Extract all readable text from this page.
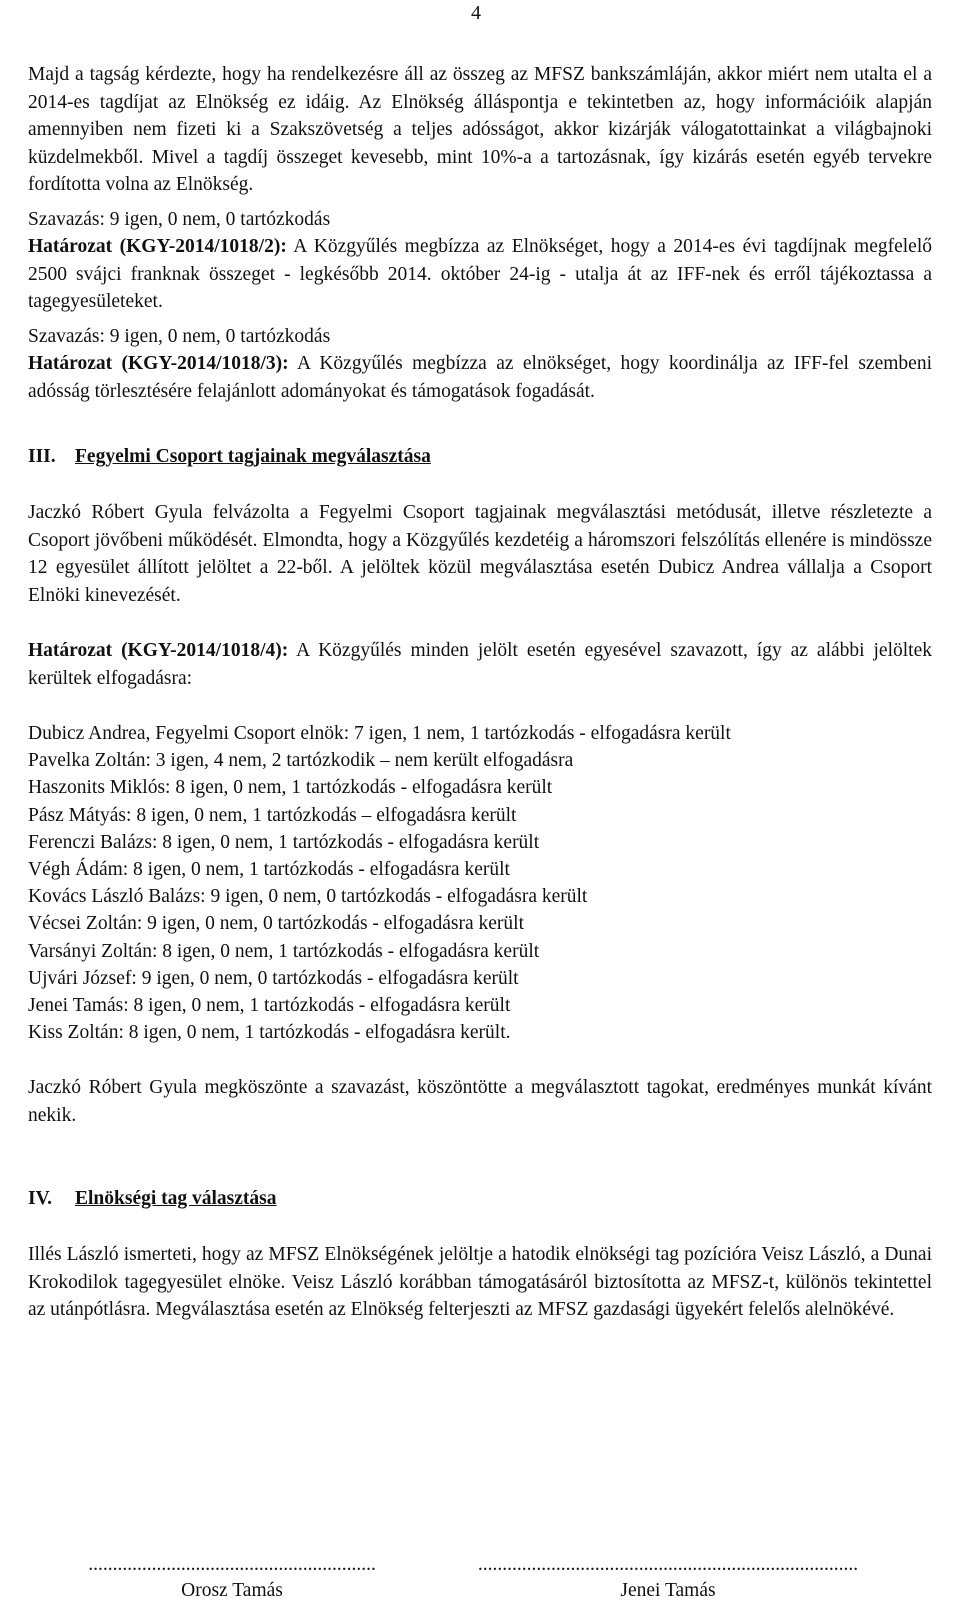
4

Majd a tagság kérdezte, hogy ha rendelkezésre áll az összeg az MFSZ bankszámláján, akkor miért nem utalta el a 2014-es tagdíjat az Elnökség ez idáig. Az Elnökség álláspontja e tekintetben az, hogy információik alapján amennyiben nem fizeti ki a Szakszövetség a teljes adósságot, akkor kizárják válogatottainkat a világbajnoki küzdelmekből. Mivel a tagdíj összeget kevesebb, mint 10%-a a tartozásnak, így kizárás esetén egyéb tervekre fordította volna az Elnökség.

Szavazás: 9 igen, 0 nem, 0 tartózkodás

Határozat (KGY-2014/1018/2): A Közgyűlés megbízza az Elnökséget, hogy a 2014-es évi tagdíjnak megfelelő 2500 svájci franknak összeget - legkésőbb 2014. október 24-ig - utalja át az IFF-nek és erről tájékoztassa a tagegyesületeket.

Szavazás: 9 igen, 0 nem, 0 tartózkodás

Határozat (KGY-2014/1018/3): A Közgyűlés megbízza az elnökséget, hogy koordinálja az IFF-fel szembeni adósság törlesztésére felajánlott adományokat és támogatások fogadását.

III. Fegyelmi Csoport tagjainak megválasztása

Jaczkó Róbert Gyula felvázolta a Fegyelmi Csoport tagjainak megválasztási metódusát, illetve részletezte a Csoport jövőbeni működését. Elmondta, hogy a Közgyűlés kezdetéig a háromszori felszólítás ellenére is mindössze 12 egyesület állított jelöltet a 22-ből. A jelöltek közül megválasztása esetén Dubicz Andrea vállalja a Csoport Elnöki kinevezését.

Határozat (KGY-2014/1018/4): A Közgyűlés minden jelölt esetén egyesével szavazott, így az alábbi jelöltek kerültek elfogadásra:

Dubicz Andrea, Fegyelmi Csoport elnök: 7 igen, 1 nem, 1 tartózkodás - elfogadásra került

Pavelka Zoltán: 3 igen, 4 nem, 2 tartózkodik – nem került elfogadásra

Haszonits Miklós: 8 igen, 0 nem, 1 tartózkodás - elfogadásra került

Pász Mátyás: 8 igen, 0 nem, 1 tartózkodás – elfogadásra került

Ferenczi Balázs: 8 igen, 0 nem, 1 tartózkodás - elfogadásra került

Végh Ádám: 8 igen, 0 nem, 1 tartózkodás - elfogadásra került

Kovács László Balázs: 9 igen, 0 nem, 0 tartózkodás - elfogadásra került

Vécsei Zoltán: 9 igen, 0 nem, 0 tartózkodás - elfogadásra került

Varsányi Zoltán: 8 igen, 0 nem, 1 tartózkodás - elfogadásra került

Ujvári József: 9 igen, 0 nem, 0 tartózkodás - elfogadásra került

Jenei Tamás: 8 igen, 0 nem, 1 tartózkodás - elfogadásra került

Kiss Zoltán: 8 igen, 0 nem, 1 tartózkodás - elfogadásra került.

Jaczkó Róbert Gyula megköszönte a szavazást, köszöntötte a megválasztott tagokat, eredményes munkát kívánt nekik.

IV.	Elnökségi tag választása

Illés László ismerteti, hogy az MFSZ Elnökségének jelöltje a hatodik elnökségi tag pozícióra Veisz László, a Dunai Krokodilok tagegyesület elnöke. Veisz László korábban támogatásáról biztosította az MFSZ-t, különös tekintettel az utánpótlásra. Megválasztása esetén az Elnökség felterjeszti az MFSZ gazdasági ügyekért felelős alelnökévé.

...........................................................
Orosz Tamás
..............................................................................
Jenei Tamás
